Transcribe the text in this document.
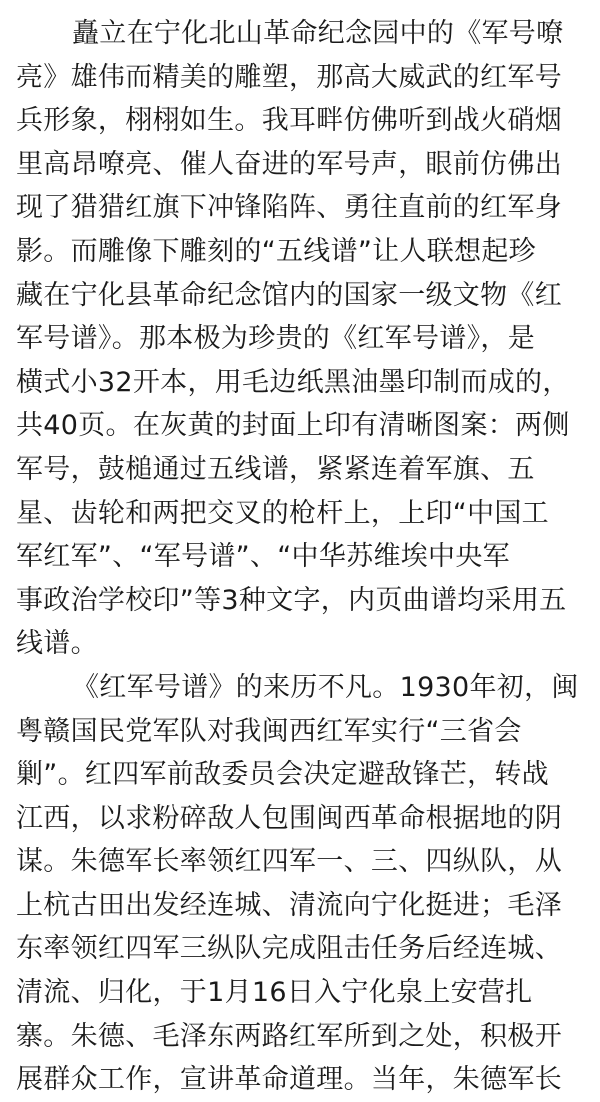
矗立在宁化北山革命纪念园中的《军号嘹
亮》雄伟而精美的雕塑，那高大威武的红军号
兵形象，栩栩如生。我耳畔仿佛听到战火硝烟
里高昂嘹亮、催人奋进的军号声，眼前仿佛出
现了猎猎红旗下冲锋陷阵、勇往直前的红军身
影。而雕像下雕刻的“五线谱”让人联想起珍
藏在宁化县革命纪念馆内的国家一级文物《红
军号谱》。那本极为珍贵的《红军号谱》，是
横式小32开本，用毛边纸黑油墨印制而成的，
共40页。在灰黄的封面上印有清晰图案：两侧
军号，鼓槌通过五线谱，紧紧连着军旗、五
星、齿轮和两把交叉的枪杆上，上印“中国工
军红军”、“军号谱”、“中华苏维埃中央军
事政治学校印”等3种文字，内页曲谱均采用五
线谱。
《红军号谱》的来历不凡。1930年初，闽
粤赣国民党军队对我闽西红军实行“三省会
剿”。红四军前敌委员会决定避敌锋芒，转战
江西，以求粉碎敌人包围闽西革命根据地的阴
谋。朱德军长率领红四军一、三、四纵队，从
上杭古田出发经连城、清流向宁化挺进；毛泽
东率领红四军三纵队完成阻击任务后经连城、
清流、归化，于1月16日入宁化泉上安营扎
寨。朱德、毛泽东两路红军所到之处，积极开
展群众工作，宣讲革命道理。当年，朱德军长
